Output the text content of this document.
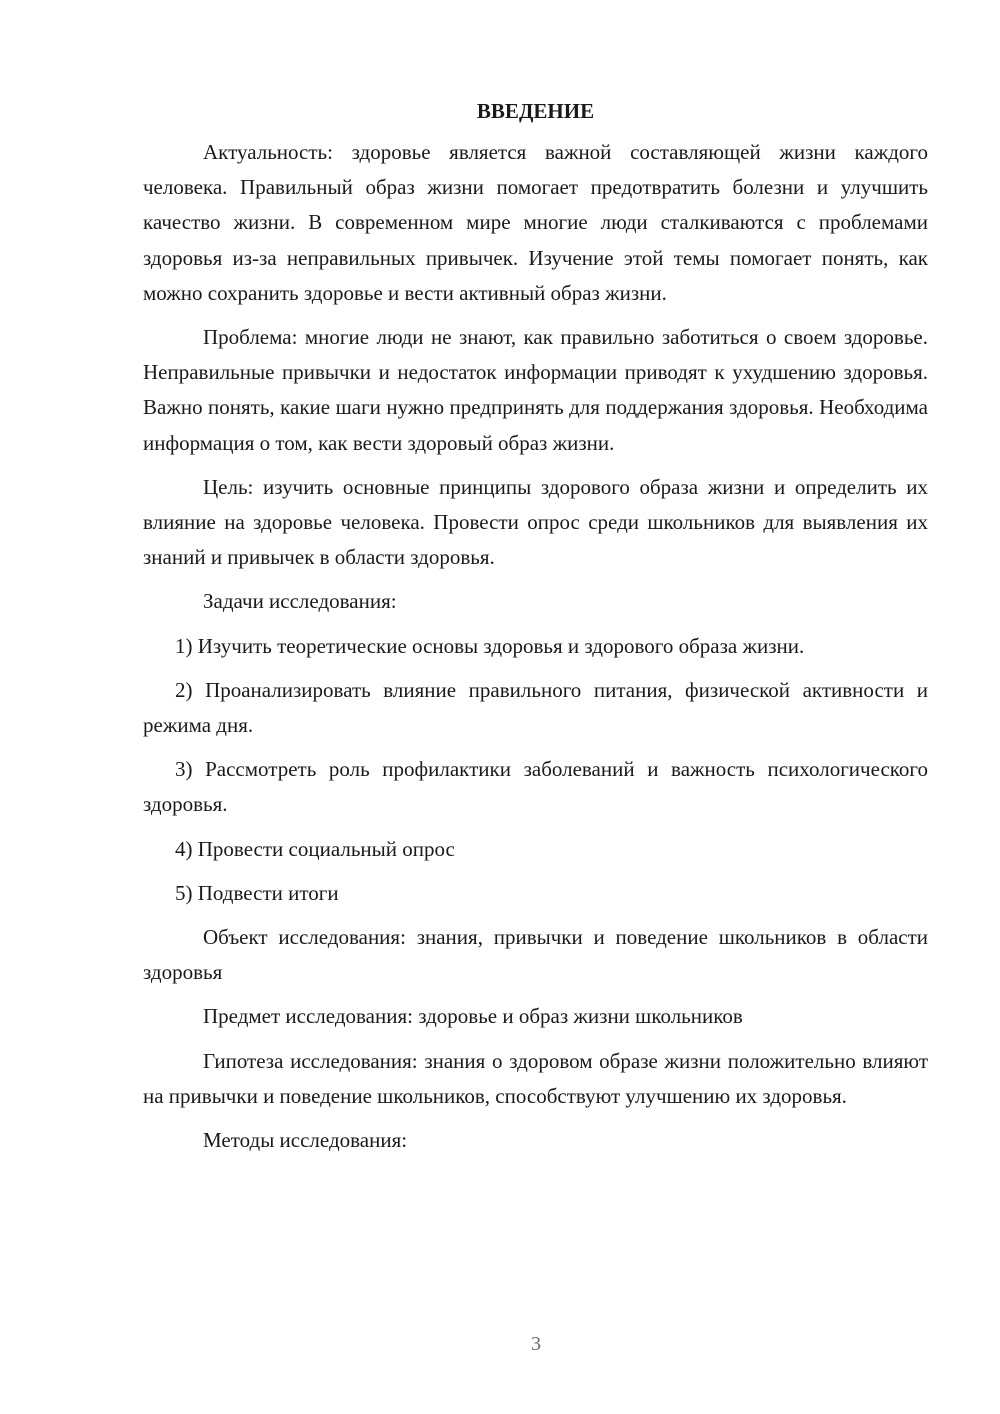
ВВЕДЕНИЕ

Актуальность: здоровье является важной составляющей жизни каждого человека. Правильный образ жизни помогает предотвратить болезни и улучшить качество жизни. В современном мире многие люди сталкиваются с проблемами здоровья из-за неправильных привычек. Изучение этой темы помогает понять, как можно сохранить здоровье и вести активный образ жизни.

Проблема: многие люди не знают, как правильно заботиться о своем здоровье. Неправильные привычки и недостаток информации приводят к ухудшению здоровья. Важно понять, какие шаги нужно предпринять для поддержания здоровья. Необходима информация о том, как вести здоровый образ жизни.

Цель: изучить основные принципы здорового образа жизни и определить их влияние на здоровье человека. Провести опрос среди школьников для выявления их знаний и привычек в области здоровья.

Задачи исследования:

1) Изучить теоретические основы здоровья и здорового образа жизни.

2) Проанализировать влияние правильного питания, физической активности и режима дня.

3) Рассмотреть роль профилактики заболеваний и важность психологического здоровья.

4) Провести социальный опрос

5) Подвести итоги

Объект исследования: знания, привычки и поведение школьников в области здоровья

Предмет исследования: здоровье и образ жизни школьников

Гипотеза исследования: знания о здоровом образе жизни положительно влияют на привычки и поведение школьников, способствуют улучшению их здоровья.

Методы исследования:

3
